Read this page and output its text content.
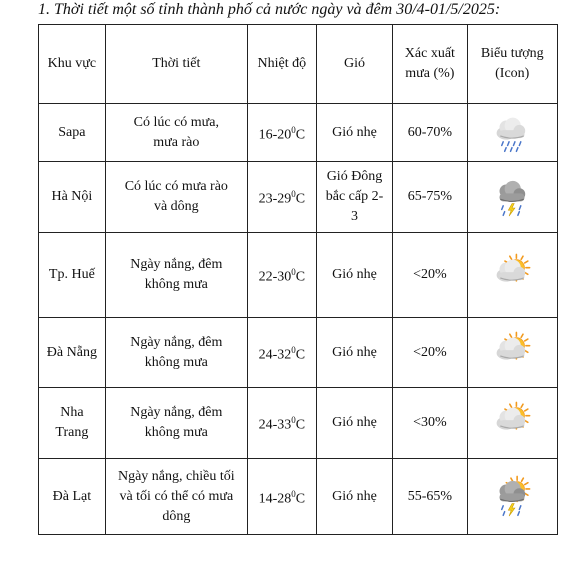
1. Thời tiết một số tỉnh thành phố cả nước ngày và đêm 30/4-01/5/2025:
Khu vực	Thời tiết	Nhiệt độ	Gió	Xác xuất
mưa (%)	Biểu tượng
(Icon)

Sapa	Có lúc có mưa,
mưa rào	$16-20^0C$	Gió nhẹ	60-70%	

Hà Nội	Có lúc có mưa rào
và dông	$23-29^0C$	Gió Đông
bắc cấp 2-
3	65-75%	

Tp. Huế	Ngày nắng, đêm
không mưa	$22-30^0C$	Gió nhẹ	<20%	

Đà Nẵng	Ngày nắng, đêm
không mưa	$24-32^0C$	Gió nhẹ	<20%	

Nha
Trang	Ngày nắng, đêm
không mưa	$24-33^0C$	Gió nhẹ	<30%	

Đà Lạt	Ngày nắng, chiều tối
và tối có thể có mưa
dông	$14-28^0C$	Gió nhẹ	55-65%	
